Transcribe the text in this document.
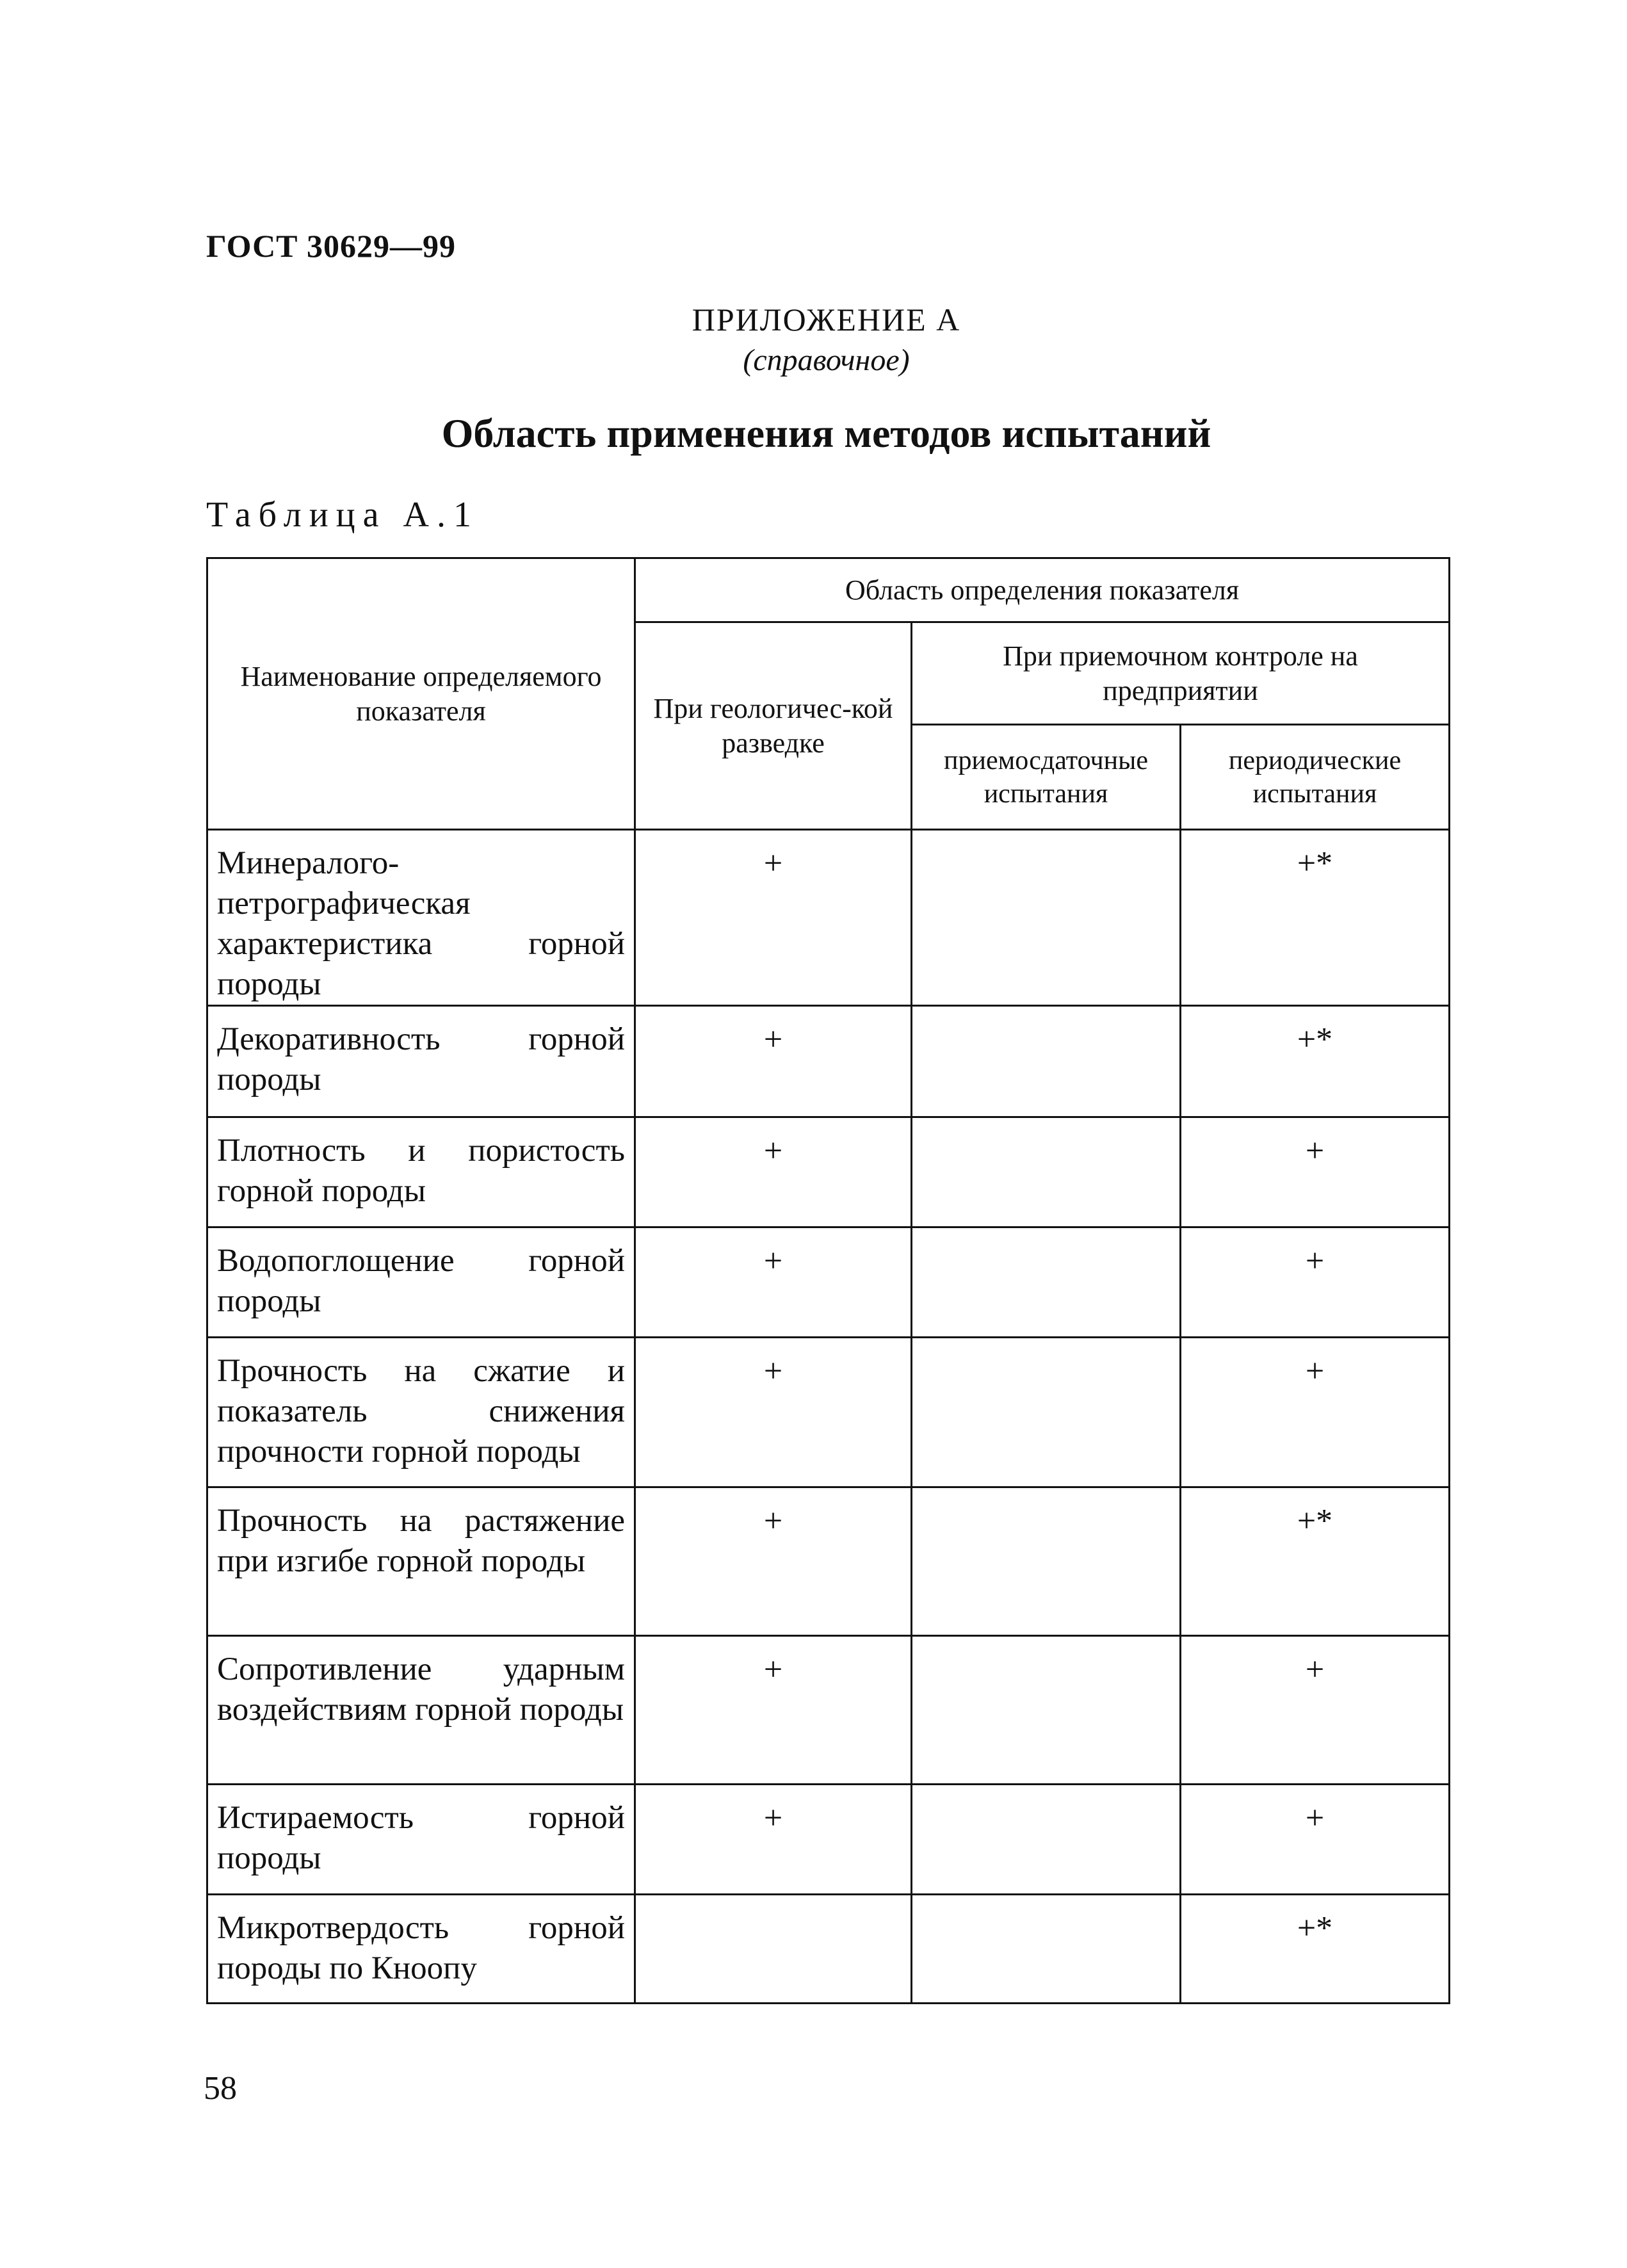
ГОСТ 30629—99
ПРИЛОЖЕНИЕ А
(справочное)
Область применения методов испытаний
Таблица А.1
Наименование определяемого показателя	Область определения показателя		
	При геологичес-кой разведке	При приемочном контроле на предприятии	
		приемосдаточные испытания	периодические испытания
Минералого-петрографическая характеристика горной породы	+		+*
Декоративность горной породы	+		+*
Плотность и пористость горной породы	+		+
Водопоглощение горной породы	+		+
Прочность на сжатие и показатель снижения прочности горной породы	+		+
Прочность на растяжение при изгибе горной породы	+		+*
Сопротивление ударным воздействиям горной породы	+		+
Истираемость горной породы	+		+
Микротвердость горной породы по Кноопу			+*
58
